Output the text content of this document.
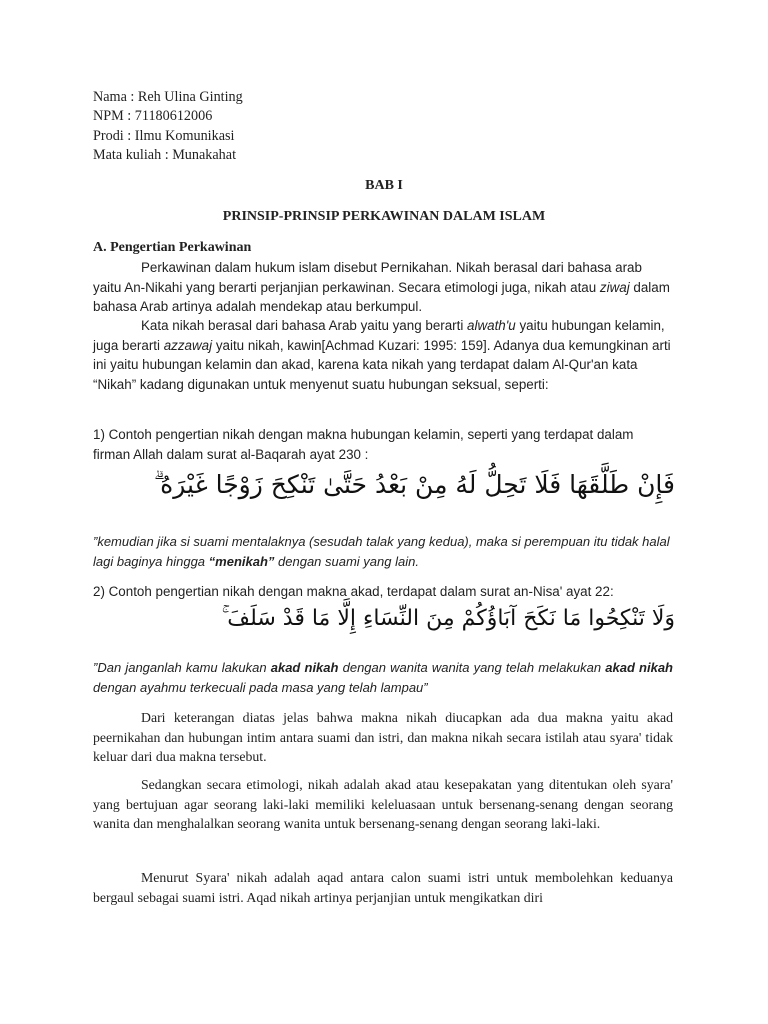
Nama : Reh Ulina Ginting
NPM : 71180612006
Prodi : Ilmu Komunikasi
Mata kuliah : Munakahat
BAB I
PRINSIP-PRINSIP PERKAWINAN DALAM ISLAM
A. Pengertian Perkawinan
Perkawinan dalam hukum islam disebut Pernikahan. Nikah berasal dari bahasa arab yaitu An-Nikahi yang berarti perjanjian perkawinan. Secara etimologi juga, nikah atau ziwaj dalam bahasa Arab artinya adalah mendekap atau berkumpul.
Kata nikah berasal dari bahasa Arab yaitu yang berarti alwath'u yaitu hubungan kelamin, juga berarti azzawaj yaitu nikah, kawin[Achmad Kuzari: 1995: 159]. Adanya dua kemungkinan arti ini yaitu hubungan kelamin dan akad, karena kata nikah yang terdapat dalam Al-Qur'an kata “Nikah” kadang digunakan untuk menyenut suatu hubungan seksual, seperti:
1) Contoh pengertian nikah dengan makna hubungan kelamin, seperti yang terdapat dalam firman Allah dalam surat al-Baqarah ayat 230 :
فَإِنْ طَلَّقَهَا فَلَا تَحِلُّ لَهُ مِنْ بَعْدُ حَتَّىٰ تَنْكِحَ زَوْجًا غَيْرَهُ ۗ
”kemudian jika si suami mentalaknya (sesudah talak yang kedua), maka si perempuan itu tidak halal lagi baginya hingga “menikah” dengan suami yang lain.
2) Contoh pengertian nikah dengan makna akad, terdapat dalam surat an-Nisa' ayat 22:
وَلَا تَنْكِحُوا مَا نَكَحَ آبَاؤُكُمْ مِنَ النِّسَاءِ إِلَّا مَا قَدْ سَلَفَ ۚ
”Dan janganlah kamu lakukan akad nikah dengan wanita wanita yang telah melakukan akad nikah dengan ayahmu terkecuali pada masa yang telah lampau”
Dari keterangan diatas jelas bahwa makna nikah diucapkan ada dua makna yaitu akad peernikahan dan hubungan intim antara suami dan istri, dan makna nikah secara istilah atau syara' tidak keluar dari dua makna tersebut.
Sedangkan secara etimologi, nikah adalah akad atau kesepakatan yang ditentukan oleh syara' yang bertujuan agar seorang laki-laki memiliki keleluasaan untuk bersenang-senang dengan seorang wanita dan menghalalkan seorang wanita untuk bersenang-senang dengan seorang laki-laki.
Menurut Syara' nikah adalah aqad antara calon suami istri untuk membolehkan keduanya bergaul sebagai suami istri. Aqad nikah artinya perjanjian untuk mengikatkan diri
